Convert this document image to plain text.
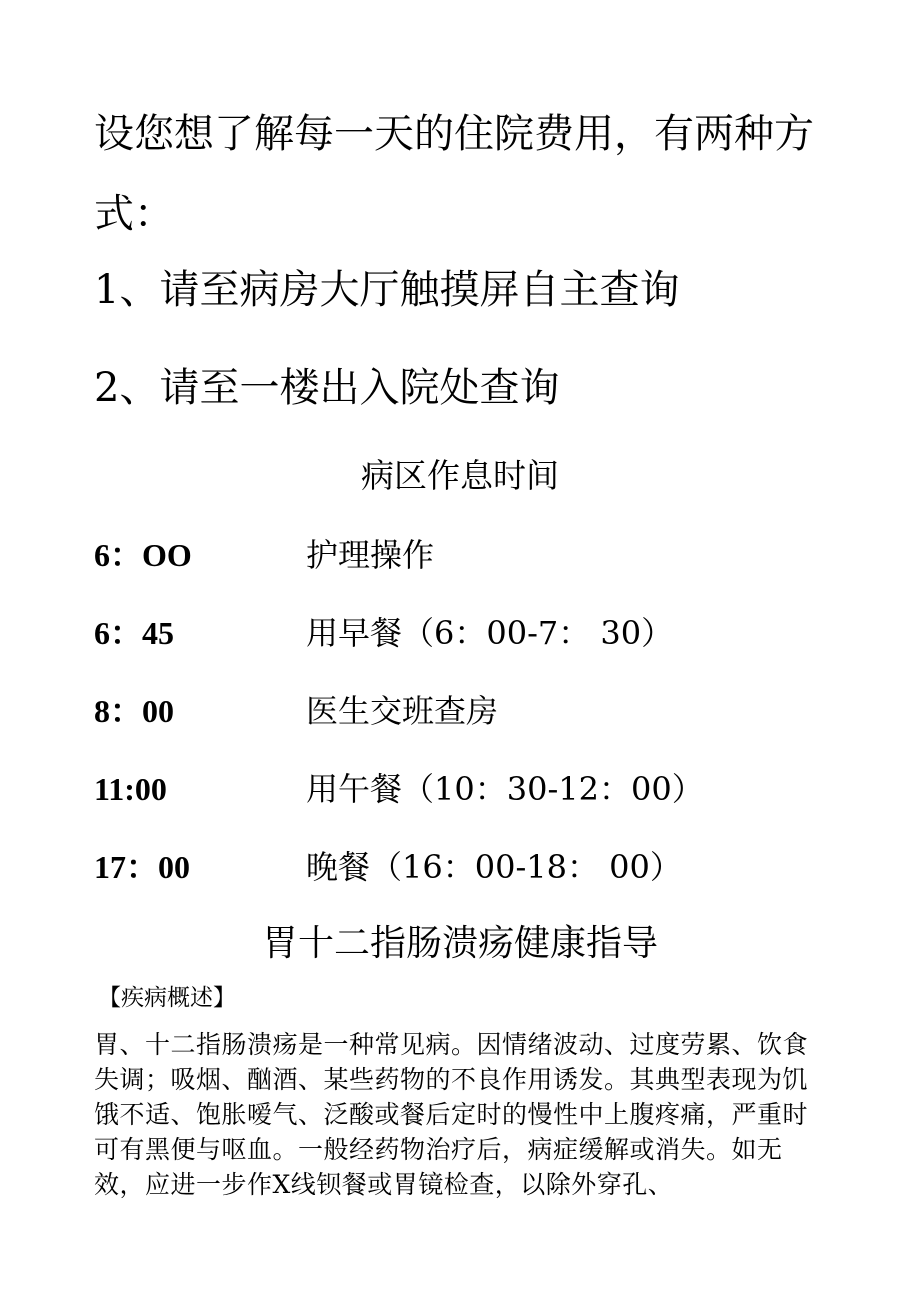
设您想了解每一天的住院费用，有两种方
式：
1、请至病房大厅触摸屏自主查询
2、请至一楼出入院处查询
病区作息时间
6：OO	护理操作
6：45	用早餐（6：00-7： 30）
8：00	医生交班查房
11:00	用午餐（10：30-12：00）
17：00	晚餐（16：00-18： 00）
胃十二指肠溃疡健康指导
【疾病概述】

胃、十二指肠溃疡是一种常见病。因情绪波动、过度劳累、饮食失调；吸烟、酗酒、某些药物的不良作用诱发。其典型表现为饥饿不适、饱胀嗳气、泛酸或餐后定时的慢性中上腹疼痛，严重时可有黑便与呕血。一般经药物治疗后，病症缓解或消失。如无效，应进一步作X线钡餐或胃镜检查，以除外穿孔、
